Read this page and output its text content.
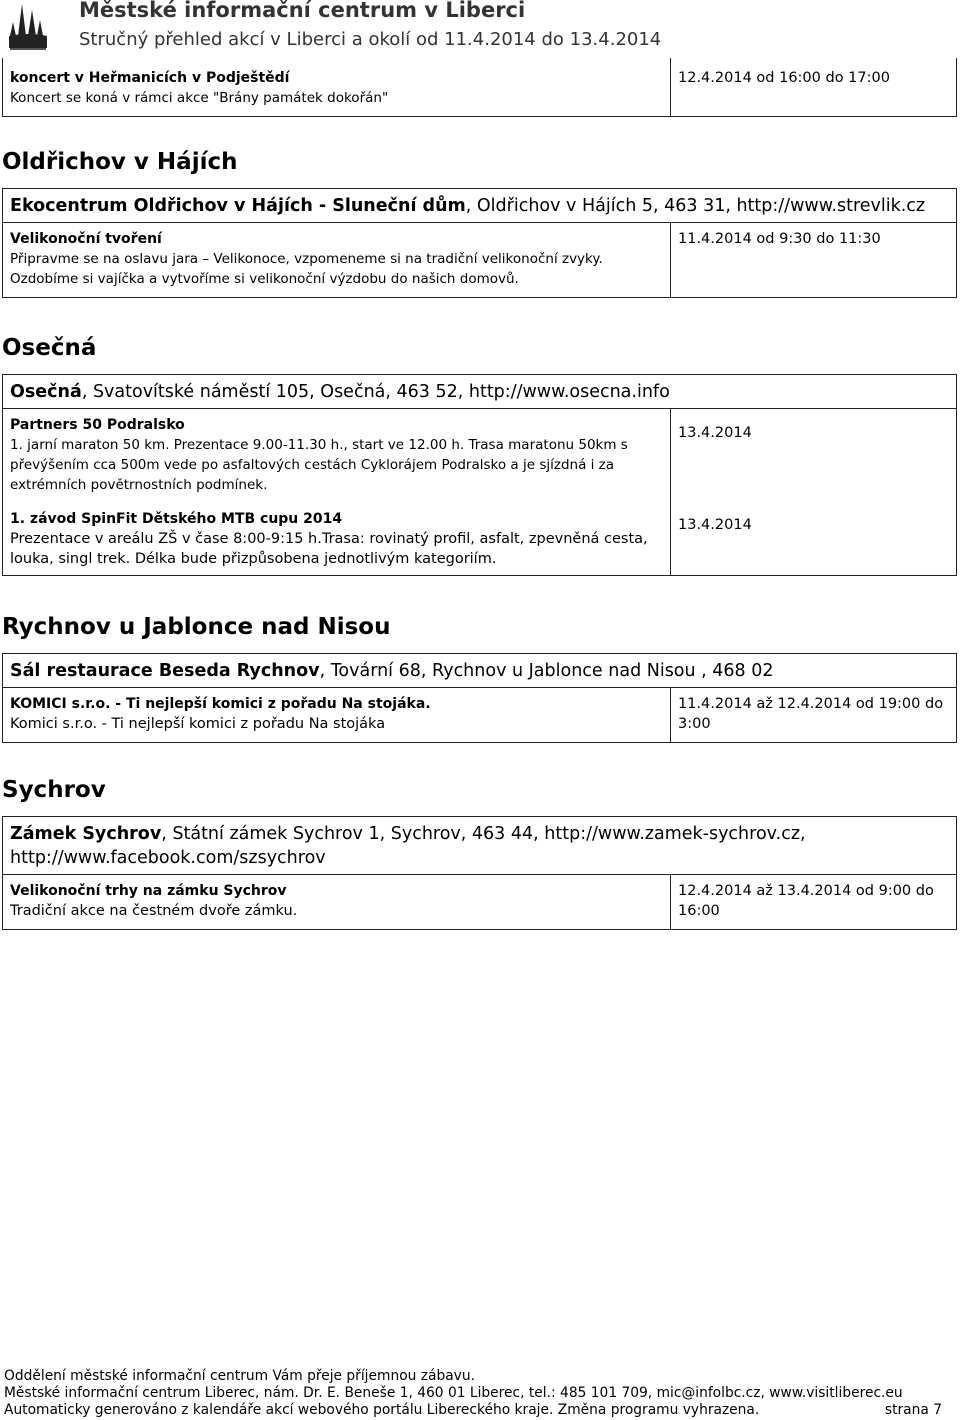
Městské informační centrum v Liberci
Stručný přehled akcí v Liberci a okolí od 11.4.2014 do 13.4.2014
koncert v Heřmanicích v Podještědí
Koncert se koná v rámci akce "Brány památek dokořán"
12.4.2014 od 16:00 do 17:00
Oldřichov v Hájích
Ekocentrum Oldřichov v Hájích - Sluneční dům, Oldřichov v Hájích 5, 463 31, http://www.strevlik.cz
Velikonoční tvoření
Připravme se na oslavu jara – Velikonoce, vzpomeneme si na tradiční velikonoční zvyky.
Ozdobíme si vajíčka a vytvoříme si velikonoční výzdobu do našich domovů.
11.4.2014 od 9:30 do 11:30
Osečná
Osečná, Svatovítské náměstí 105, Osečná, 463 52, http://www.osecna.info
Partners 50 Podralsko
1. jarní maraton 50 km. Prezentace 9.00-11.30 h., start ve 12.00 h. Trasa maratonu 50km s
převýšením cca 500m vede po asfaltových cestách Cyklorájem Podralsko a je sjízdná i za
extrémních povětrnostních podmínek.
1. závod SpinFit Dětského MTB cupu 2014
Prezentace v areálu ZŠ v čase 8:00-9:15 h.Trasa: rovinatý profil, asfalt, zpevněná cesta,
louka, singl trek. Délka bude přizpůsobena jednotlivým kategoriím.
13.4.2014
13.4.2014
Rychnov u Jablonce nad Nisou
Sál restaurace Beseda Rychnov, Tovární 68, Rychnov u Jablonce nad Nisou , 468 02
KOMICI s.r.o. - Ti nejlepší komici z pořadu Na stojáka.
Komici s.r.o. - Ti nejlepší komici z pořadu Na stojáka
11.4.2014 až 12.4.2014 od 19:00 do
3:00
Sychrov
Zámek Sychrov, Státní zámek Sychrov 1, Sychrov, 463 44, http://www.zamek-sychrov.cz,
http://www.facebook.com/szsychrov
Velikonoční trhy na zámku Sychrov
Tradiční akce na čestném dvoře zámku.
12.4.2014 až 13.4.2014 od 9:00 do
16:00
Oddělení městské informační centrum Vám přeje příjemnou zábavu.
Městské informační centrum Liberec, nám. Dr. E. Beneše 1, 460 01 Liberec, tel.: 485 101 709, mic@infolbc.cz, www.visitliberec.eu
Automaticky generováno z kalendáře akcí webového portálu Libereckého kraje. Změna programu vyhrazena.	strana 7
